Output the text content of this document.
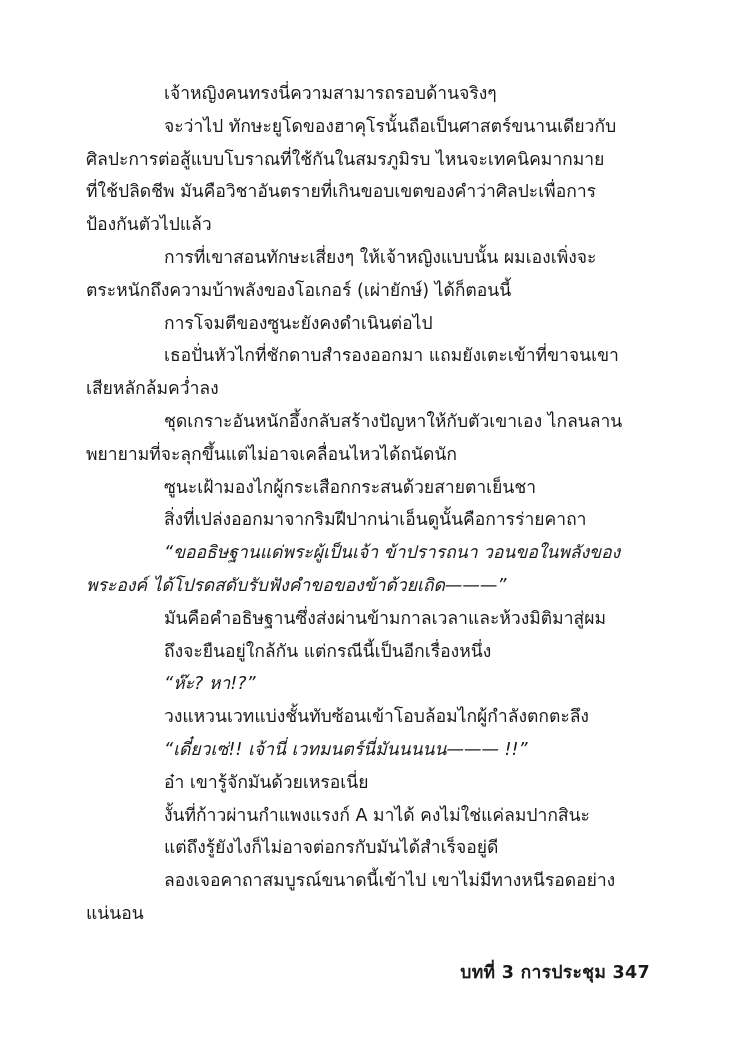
เจ้าหญิงคนทรงนี่ความสามารถรอบด้านจริงๆ
จะว่าไป ทักษะยูโดของฮาคุโรนั้นถือเป็นศาสตร์ขนานเดียวกับ
ศิลปะการต่อสู้แบบโบราณที่ใช้กันในสมรภูมิรบ ไหนจะเทคนิคมากมาย
ที่ใช้ปลิดชีพ มันคือวิชาอันตรายที่เกินขอบเขตของคำว่าศิลปะเพื่อการ
ป้องกันตัวไปแล้ว
การที่เขาสอนทักษะเสี่ยงๆ ให้เจ้าหญิงแบบนั้น ผมเองเพิ่งจะ
ตระหนักถึงความบ้าพลังของโอเกอร์ (เผ่ายักษ์) ได้ก็ตอนนี้
การโจมตีของซูนะยังคงดำเนินต่อไป
เธอปั่นหัวไกที่ชักดาบสำรองออกมา แถมยังเตะเข้าที่ขาจนเขา
เสียหลักล้มคว่ำลง
ชุดเกราะอันหนักอึ้งกลับสร้างปัญหาให้กับตัวเขาเอง ไกลนลาน
พยายามที่จะลุกขึ้นแต่ไม่อาจเคลื่อนไหวได้ถนัดนัก
ซูนะเฝ้ามองไกผู้กระเสือกกระสนด้วยสายตาเย็นชา
สิ่งที่เปล่งออกมาจากริมฝีปากน่าเอ็นดูนั้นคือการร่ายคาถา
“ขออธิษฐานแด่พระผู้เป็นเจ้า ข้าปรารถนา วอนขอในพลังของ
พระองค์ ได้โปรดสดับรับฟังคำขอของข้าด้วยเถิด———”
มันคือคำอธิษฐานซึ่งส่งผ่านข้ามกาลเวลาและห้วงมิติมาสู่ผม
ถึงจะยืนอยู่ใกล้กัน แต่กรณีนี้เป็นอีกเรื่องหนึ่ง
“ห๊ะ? หา!?”
วงแหวนเวทแบ่งชั้นทับซ้อนเข้าโอบล้อมไกผู้กำลังตกตะลึง
“เดี๋ยวเซ่!! เจ้านี่ เวทมนตร์นี่มันนนนน——— !!”
อ๋า เขารู้จักมันด้วยเหรอเนี่ย
งั้นที่ก้าวผ่านกำแพงแรงก์ A มาได้ คงไม่ใช่แค่ลมปากสินะ
แต่ถึงรู้ยังไงก็ไม่อาจต่อกรกับมันได้สำเร็จอยู่ดี
ลองเจอคาถาสมบูรณ์ขนาดนี้เข้าไป เขาไม่มีทางหนีรอดอย่าง
แน่นอน
บทที่ 3 การประชุม 347
